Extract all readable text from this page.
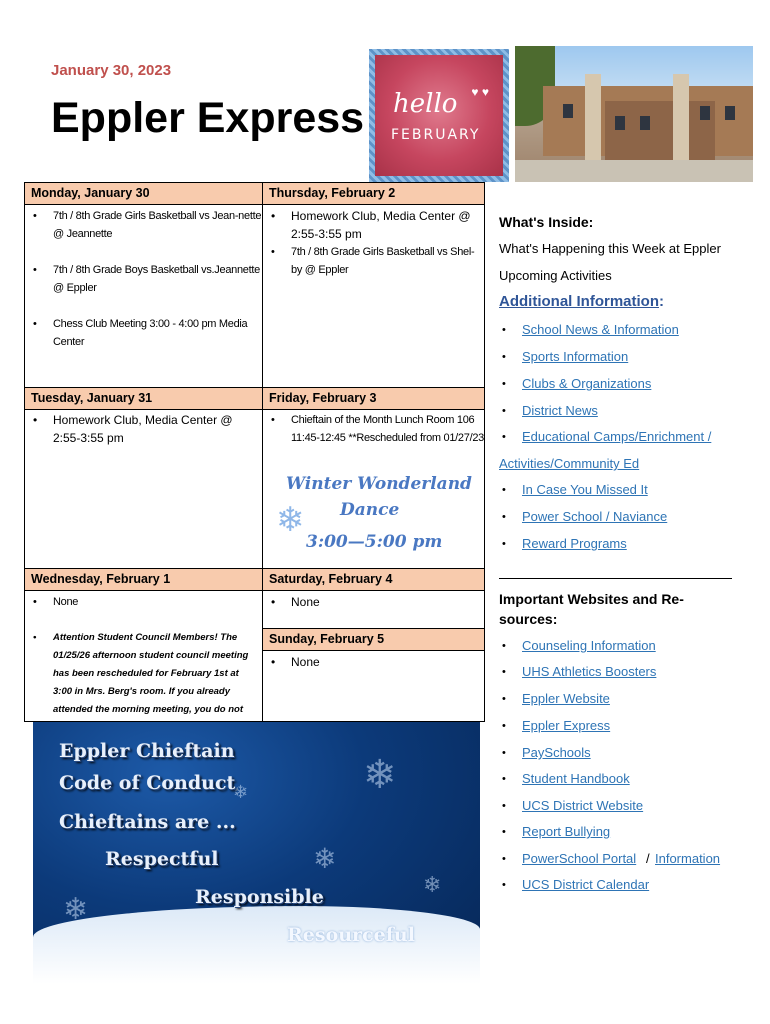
January 30, 2023
Eppler Express hello ♥ ♥
FEBRUARY
Monday, January 30
• 7th / 8th Grade Girls Basketball vs Jean-nette @ Jeannette
• 7th / 8th Grade Boys Basketball vs.Jeannette @ Eppler
• Chess Club Meeting 3:00 - 4:00 pm Media Center
Thursday, February 2
• Homework Club, Media Center @ 2:55-3:55 pm
• 7th / 8th Grade Girls Basketball vs Shel-by @ Eppler
Tuesday, January 31
• Homework Club, Media Center @ 2:55-3:55 pm
Friday, February 3
• Chieftain of the Month Lunch Room 106 11:45-12:45 **Rescheduled from 01/27/23
Wednesday, February 1
• None
• Attention Student Council Members! The 01/25/26 afternoon student council meeting has been rescheduled for February 1st at 3:00 in Mrs. Berg's room. If you already attended the morning meeting, you do not
Saturday, February 4
• None
Sunday, February 5
• None
Winter Wonderland
❄ Dance
3:00—5:00 pm
❄
❄
❄
❄
❄
Eppler Chieftain
Code of Conduct
Chieftains are ...
Respectful
Responsible
Resourceful
What's Inside:
What's Happening this Week at Eppler
Upcoming Activities
Additional Information:
• School News & Information
• Sports Information
• Clubs & Organizations
• District News
• Educational Camps/Enrichment /
Activities/Community Ed
• In Case You Missed It
• Power School / Naviance
• Reward Programs
Important Websites and Re-sources:
• Counseling Information
• UHS Athletics Boosters
• Eppler Website
• Eppler Express
• PaySchools
• Student Handbook
• UCS District Website
• Report Bullying
• PowerSchool Portal / Information
• UCS District Calendar
